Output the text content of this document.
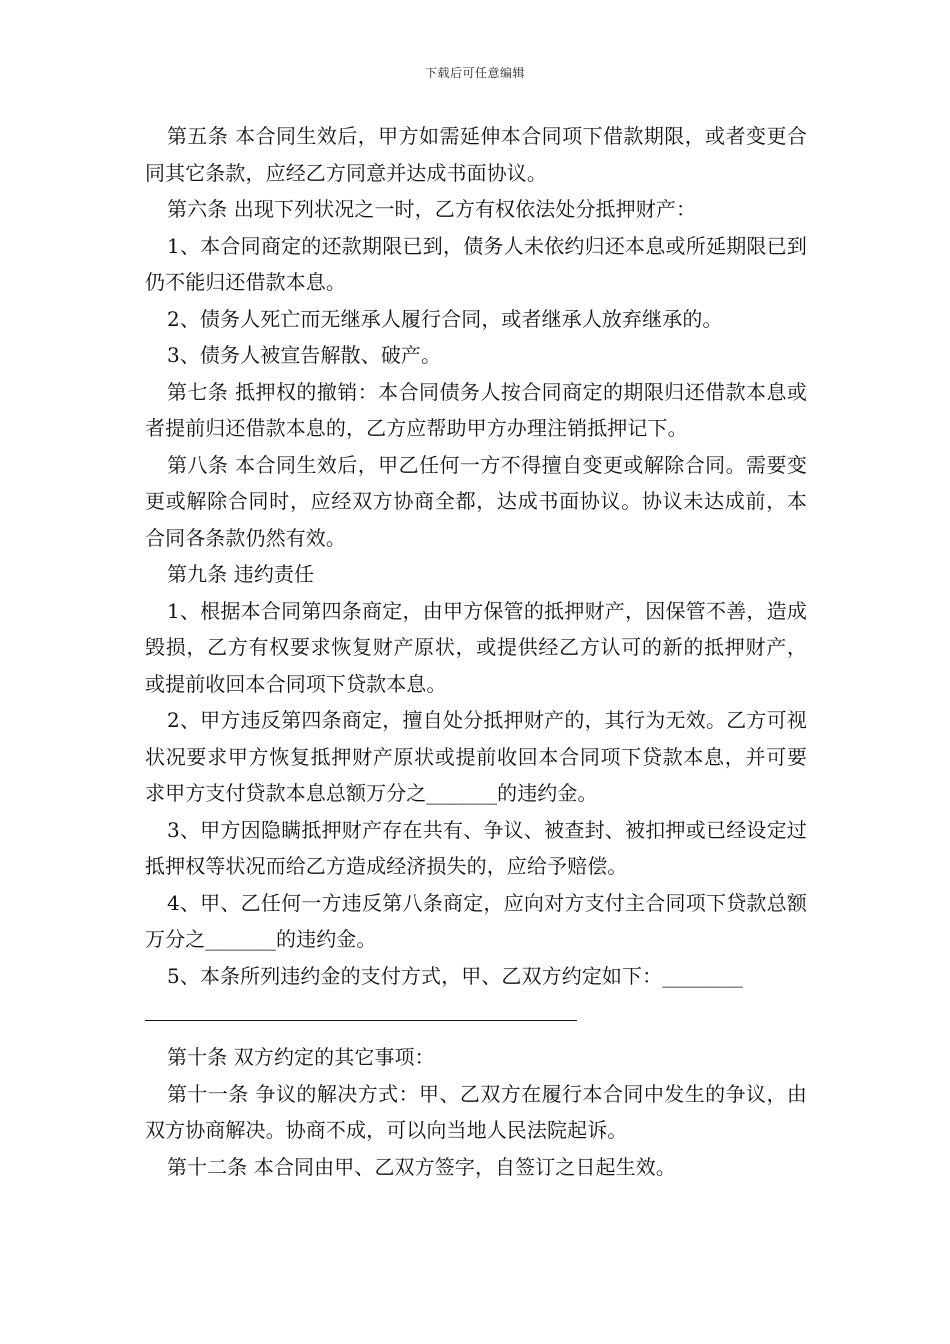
下载后可任意编辑

第五条 本合同生效后，甲方如需延伸本合同项下借款期限，或者变更合同其它条款，应经乙方同意并达成书面协议。

第六条 出现下列状况之一时，乙方有权依法处分抵押财产：

1、本合同商定的还款期限已到，债务人未依约归还本息或所延期限已到仍不能归还借款本息。

2、债务人死亡而无继承人履行合同，或者继承人放弃继承的。

3、债务人被宣告解散、破产。

第七条 抵押权的撤销：本合同债务人按合同商定的期限归还借款本息或者提前归还借款本息的，乙方应帮助甲方办理注销抵押记下。

第八条 本合同生效后，甲乙任何一方不得擅自变更或解除合同。需要变更或解除合同时，应经双方协商全都，达成书面协议。协议未达成前，本合同各条款仍然有效。

第九条 违约责任

1、根据本合同第四条商定，由甲方保管的抵押财产，因保管不善，造成毁损，乙方有权要求恢复财产原状，或提供经乙方认可的新的抵押财产，或提前收回本合同项下贷款本息。

2、甲方违反第四条商定，擅自处分抵押财产的，其行为无效。乙方可视状况要求甲方恢复抵押财产原状或提前收回本合同项下贷款本息，并可要求甲方支付贷款本息总额万分之_______的违约金。

3、甲方因隐瞒抵押财产存在共有、争议、被查封、被扣押或已经设定过抵押权等状况而给乙方造成经济损失的，应给予赔偿。

4、甲、乙任何一方违反第八条商定，应向对方支付主合同项下贷款总额万分之_______的违约金。

5、本条所列违约金的支付方式，甲、乙双方约定如下：________

第十条 双方约定的其它事项：

第十一条 争议的解决方式：甲、乙双方在履行本合同中发生的争议，由双方协商解决。协商不成，可以向当地人民法院起诉。

第十二条 本合同由甲、乙双方签字，自签订之日起生效。
